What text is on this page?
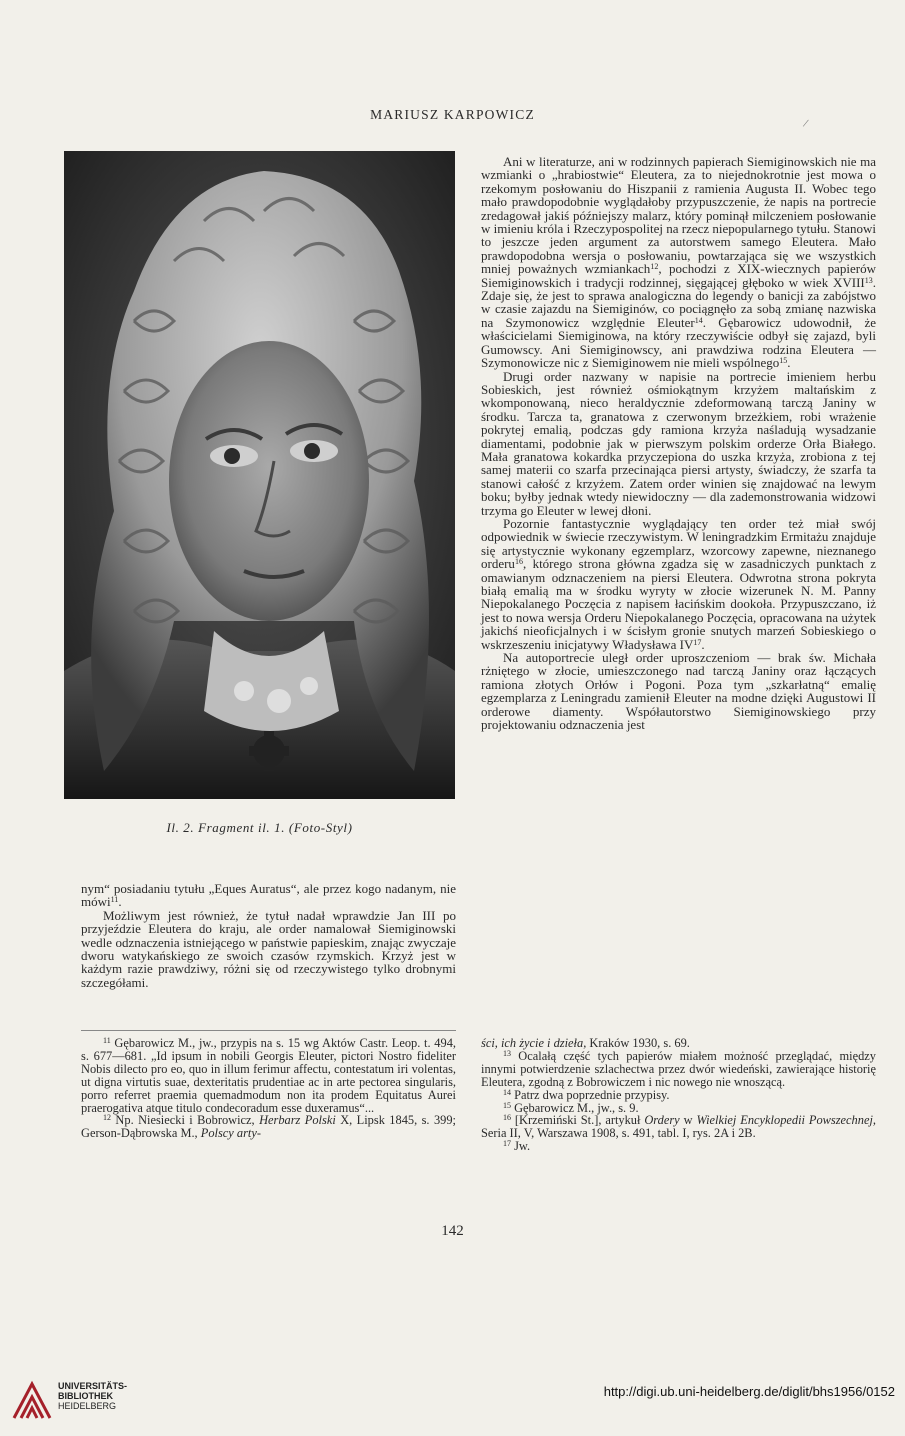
MARIUSZ KARPOWICZ
/
Il. 2. Fragment il. 1. (Foto-Styl)

Ani w literaturze, ani w rodzinnych papierach Siemiginowskich nie ma wzmianki o „hrabiostwie“ Eleutera, za to niejednokrotnie jest mowa o rzekomym posłowaniu do Hiszpanii z ramienia Augusta II. Wobec tego mało prawdopodobnie wyglądałoby przypuszczenie, że napis na portrecie zredagował jakiś późniejszy malarz, który pominął milczeniem posłowanie w imieniu króla i Rzeczypospolitej na rzecz niepopularnego tytułu. Stanowi to jeszcze jeden argument za autorstwem samego Eleutera. Mało prawdopodobna wersja o posłowaniu, powtarzająca się we wszystkich mniej poważnych wzmiankach$^{12}$, pochodzi z XIX-wiecznych papierów Siemiginowskich i tradycji rodzinnej, sięgającej głęboko w wiek XVIII$^{13}$. Zdaje się, że jest to sprawa analogiczna do legendy o banicji za zabójstwo w czasie zajazdu na Siemiginów, co pociągnęło za sobą zmianę nazwiska na Szymonowicz względnie Eleuter$^{14}$. Gębarowicz udowodnił, że właścicielami Siemiginowa, na który rzeczywiście odbył się zajazd, byli Gumowscy. Ani Siemiginowscy, ani prawdziwa rodzina Eleutera — Szymonowicze nic z Siemiginowem nie mieli wspólnego$^{15}$.

Drugi order nazwany w napisie na portrecie imieniem herbu Sobieskich, jest również ośmiokątnym krzyżem maltańskim z wkomponowaną, nieco heraldycznie zdeformowaną tarczą Janiny w środku. Tarcza ta, granatowa z czerwonym brzeżkiem, robi wrażenie pokrytej emalią, podczas gdy ramiona krzyża naśladują wysadzanie diamentami, podobnie jak w pierwszym polskim orderze Orła Białego. Mała granatowa kokardka przyczepiona do uszka krzyża, zrobiona z tej samej materii co szarfa przecinająca piersi artysty, świadczy, że szarfa ta stanowi całość z krzyżem. Zatem order winien się znajdować na lewym boku; byłby jednak wtedy niewidoczny — dla zademonstrowania widzowi trzyma go Eleuter w lewej dłoni.

Pozornie fantastycznie wyglądający ten order też miał swój odpowiednik w świecie rzeczywistym. W leningradzkim Ermitażu znajduje się artystycznie wykonany egzemplarz, wzorcowy zapewne, nieznanego orderu$^{16}$, którego strona główna zgadza się w zasadniczych punktach z omawianym odznaczeniem na piersi Eleutera. Odwrotna strona pokryta białą emalią ma w środku wyryty w złocie wizerunek N. M. Panny Niepokalanego Poczęcia z napisem łacińskim dookoła. Przypuszczano, iż jest to nowa wersja Orderu Niepokalanego Poczęcia, opracowana na użytek jakichś nieoficjalnych i w ścisłym gronie snutych marzeń Sobieskiego o wskrzeszeniu inicjatywy Władysława IV$^{17}$.

Na autoportrecie uległ order uproszczeniom — brak św. Michała rżniętego w złocie, umieszczonego nad tarczą Janiny oraz łączących ramiona złotych Orłów i Pogoni. Poza tym „szkarłatną“ emalię egzemplarza z Leningradu zamienił Eleuter na modne dzięki Augustowi II orderowe diamenty. Współautorstwo Siemiginowskiego przy projektowaniu odznaczenia jest

nym“ posiadaniu tytułu „Eques Auratus“, ale przez kogo nadanym, nie mówi$^{11}$.

Możliwym jest również, że tytuł nadał wprawdzie Jan III po przyjeździe Eleutera do kraju, ale order namalował Siemiginowski wedle odznaczenia istniejącego w państwie papieskim, znając zwyczaje dworu watykańskiego ze swoich czasów rzymskich. Krzyż jest w każdym razie prawdziwy, różni się od rzeczywistego tylko drobnymi szczegółami.

$^{11}$ Gębarowicz M., jw., przypis na s. 15 wg Aktów Castr. Leop. t. 494, s. 677—681. „Id ipsum in nobili Georgis Eleuter, pictori Nostro fideliter Nobis dilecto pro eo, quo in illum ferimur affectu, contestatum iri volentas, ut digna virtutis suae, dexteritatis prudentiae ac in arte pectorea singularis, porro referret praemia quemadmodum non ita prodem Equitatus Aurei praerogativa atque titulo condecoradum esse duxeramus“...

$^{12}$ Np. Niesiecki i Bobrowicz, Herbarz Polski X, Lipsk 1845, s. 399; Gerson-Dąbrowska M., Polscy arty-

ści, ich życie i dzieła, Kraków 1930, s. 69.

$^{13}$ Ocalałą część tych papierów miałem możność przeglądać, między innymi potwierdzenie szlachectwa przez dwór wiedeński, zawierające historię Eleutera, zgodną z Bobrowiczem i nic nowego nie wnoszącą.

$^{14}$ Patrz dwa poprzednie przypisy.

$^{15}$ Gębarowicz M., jw., s. 9.

$^{16}$ [Krzemiński St.], artykuł Ordery w Wielkiej Encyklopedii Powszechnej, Seria II, V, Warszawa 1908, s. 491, tabl. I, rys. 2A i 2B.

$^{17}$ Jw.

142
UNIVERSITÄTS-
BIBLIOTHEK
HEIDELBERG
http://digi.ub.uni-heidelberg.de/diglit/bhs1956/0152
